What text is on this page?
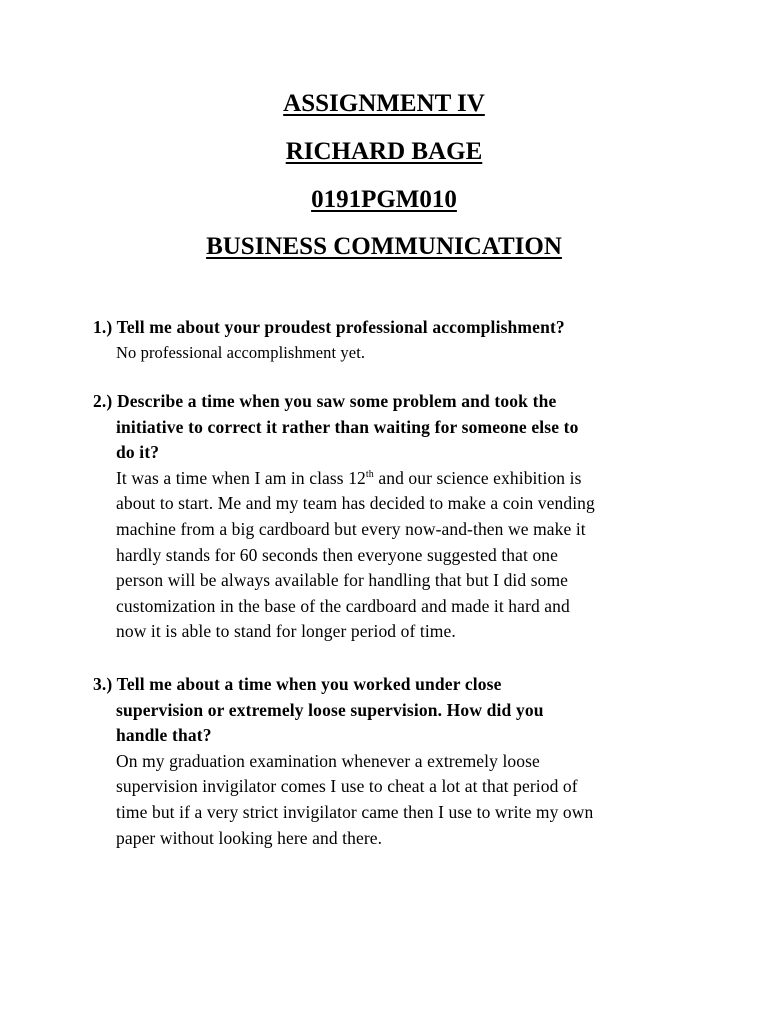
ASSIGNMENT IV

RICHARD BAGE

0191PGM010

BUSINESS COMMUNICATION

1.) Tell me about your proudest professional accomplishment?

No professional accomplishment yet.

2.) Describe a time when you saw some problem and took the
initiative to correct it rather than waiting for someone else to
do it?

It was a time when I am in class 12th and our science exhibition is
about to start. Me and my team has decided to make a coin vending
machine from a big cardboard but every now-and-then we make it
hardly stands for 60 seconds then everyone suggested that one
person will be always available for handling that but I did some
customization in the base of the cardboard and made it hard and
now it is able to stand for longer period of time.

3.) Tell me about a time when you worked under close
supervision or extremely loose supervision. How did you
handle that?

On my graduation examination whenever a extremely loose
supervision invigilator comes I use to cheat a lot at that period of
time but if a very strict invigilator came then I use to write my own
paper without looking here and there.
